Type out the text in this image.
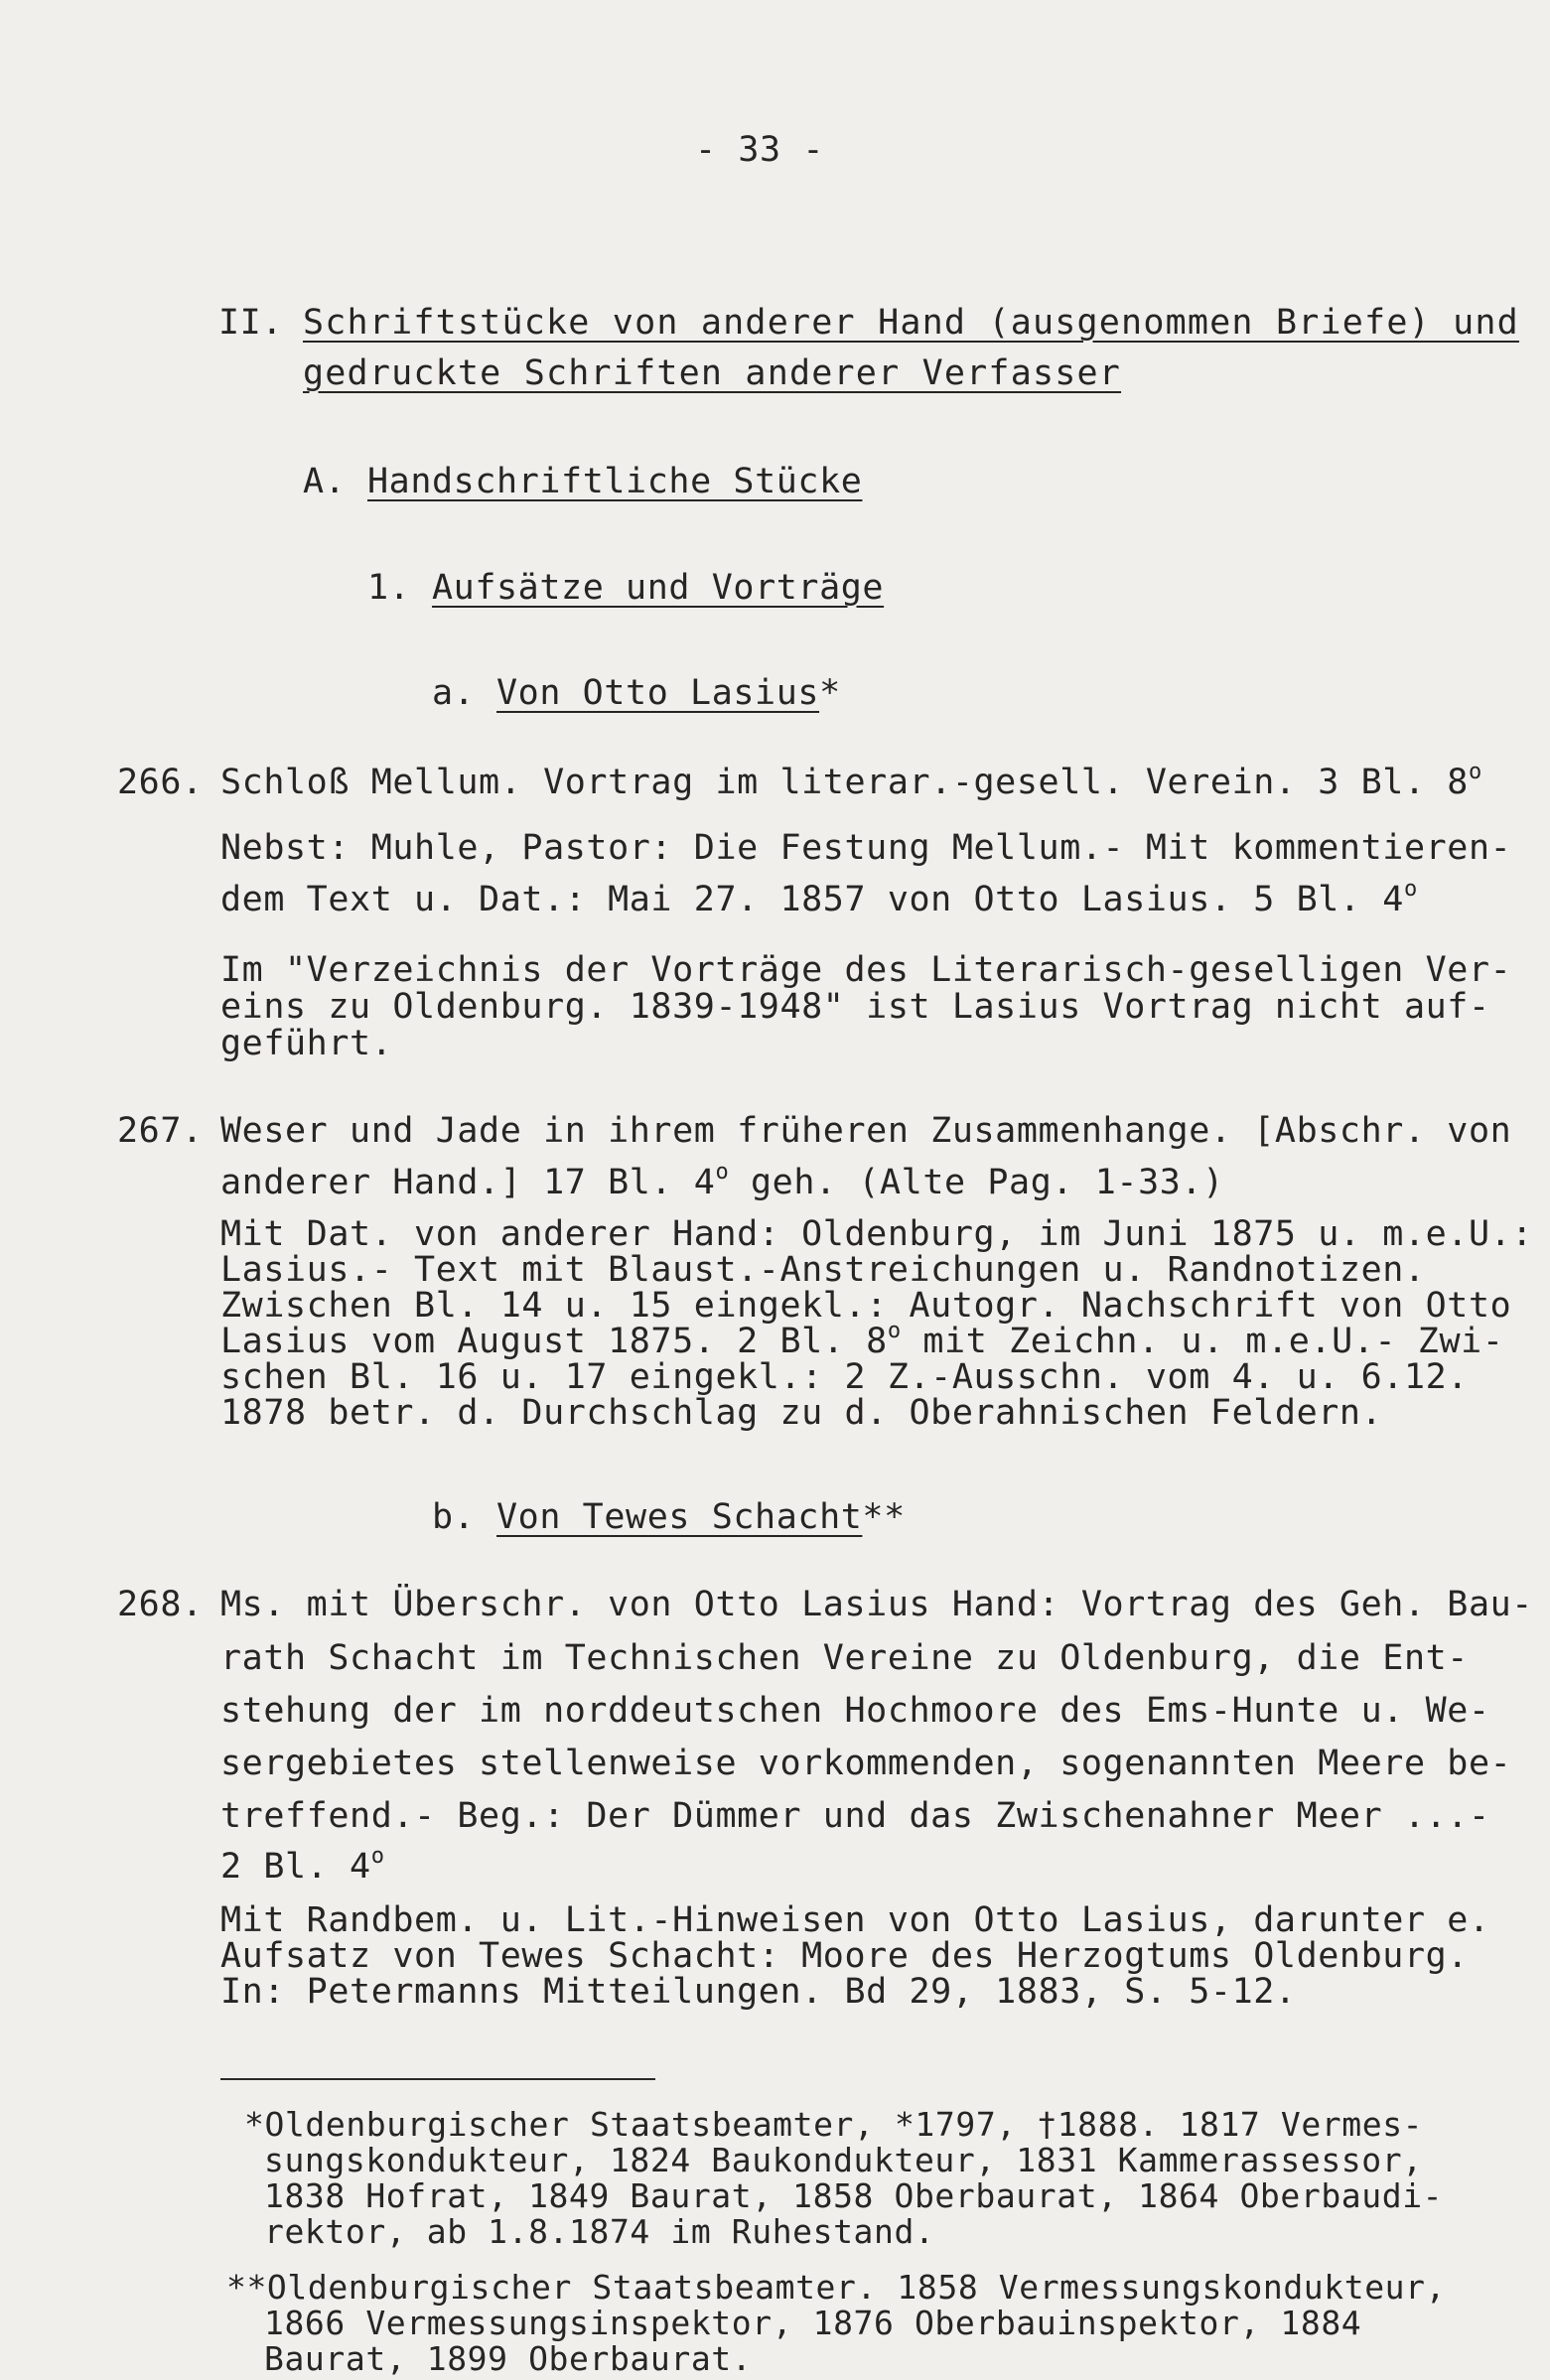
- 33 -
II. Schriftstücke von anderer Hand (ausgenommen Briefe) und
gedruckte Schriften anderer Verfasser
A. Handschriftliche Stücke
1. Aufsätze und Vorträge
a. Von Otto Lasius*
266. Schloß Mellum. Vortrag im literar.-gesell. Verein. 3 Bl. 8$^o$
Nebst: Muhle, Pastor: Die Festung Mellum.- Mit kommentieren-
dem Text u. Dat.: Mai 27. 1857 von Otto Lasius. 5 Bl. 4$^o$
Im "Verzeichnis der Vorträge des Literarisch-geselligen Ver-
eins zu Oldenburg. 1839-1948" ist Lasius Vortrag nicht auf-
geführt.
267. Weser und Jade in ihrem früheren Zusammenhange. [Abschr. von
anderer Hand.] 17 Bl. 4$^o$ geh. (Alte Pag. 1-33.)
Mit Dat. von anderer Hand: Oldenburg, im Juni 1875 u. m.e.U.:
Lasius.- Text mit Blaust.-Anstreichungen u. Randnotizen.
Zwischen Bl. 14 u. 15 eingekl.: Autogr. Nachschrift von Otto
Lasius vom August 1875. 2 Bl. 8$^o$ mit Zeichn. u. m.e.U.- Zwi-
schen Bl. 16 u. 17 eingekl.: 2 Z.-Ausschn. vom 4. u. 6.12.
1878 betr. d. Durchschlag zu d. Oberahnischen Feldern.
b. Von Tewes Schacht**
268. Ms. mit Überschr. von Otto Lasius Hand: Vortrag des Geh. Bau-
rath Schacht im Technischen Vereine zu Oldenburg, die Ent-
stehung der im norddeutschen Hochmoore des Ems-Hunte u. We-
sergebietes stellenweise vorkommenden, sogenannten Meere be-
treffend.- Beg.: Der Dümmer und das Zwischenahner Meer ...-
2 Bl. 4$^o$
Mit Randbem. u. Lit.-Hinweisen von Otto Lasius, darunter e.
Aufsatz von Tewes Schacht: Moore des Herzogtums Oldenburg.
In: Petermanns Mitteilungen. Bd 29, 1883, S. 5-12.
*Oldenburgischer Staatsbeamter, *1797, †1888. 1817 Vermes-
sungskondukteur, 1824 Baukondukteur, 1831 Kammerassessor,
1838 Hofrat, 1849 Baurat, 1858 Oberbaurat, 1864 Oberbaudi-
rektor, ab 1.8.1874 im Ruhestand.
**Oldenburgischer Staatsbeamter. 1858 Vermessungskondukteur,
1866 Vermessungsinspektor, 1876 Oberbauinspektor, 1884
Baurat, 1899 Oberbaurat.
